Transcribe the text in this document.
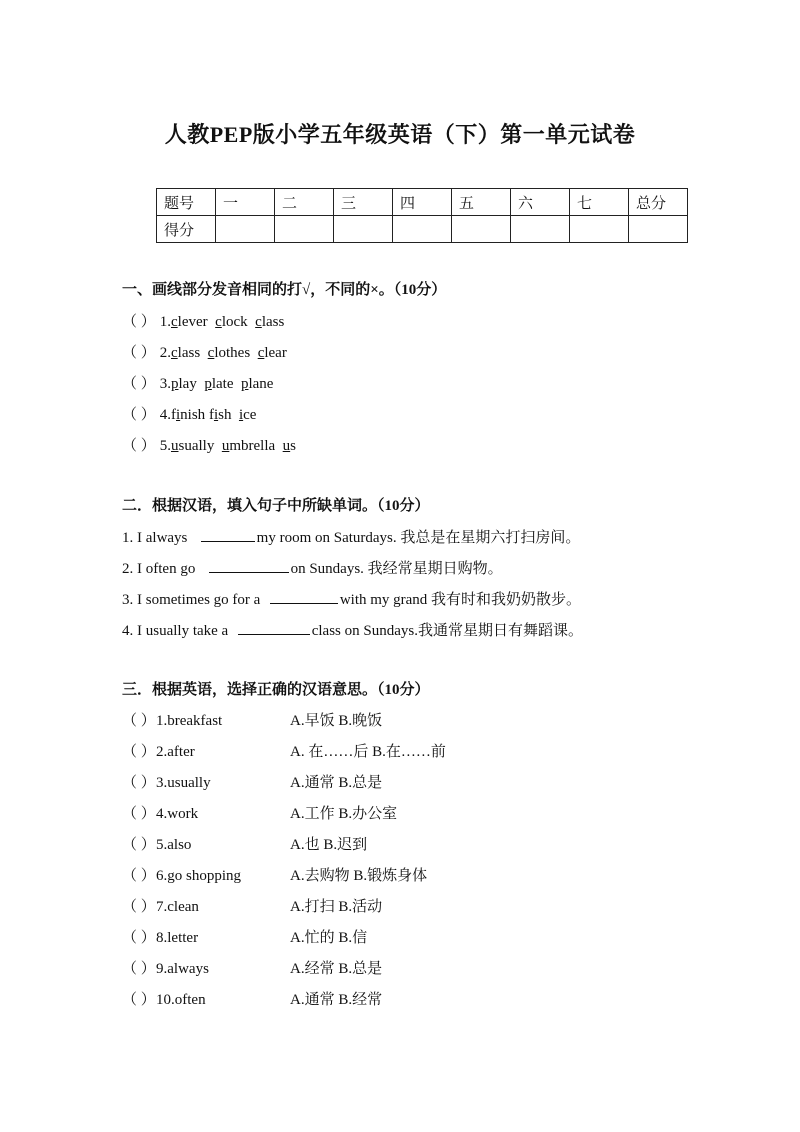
人教PEP版小学五年级英语（下）第一单元试卷
题号	一	二	三	四	五	六	七	总分
得分								
一、画线部分发音相同的打√，不同的×。（10分）
（ ） 1.clever clock class
（ ） 2.class clothes clear
（ ） 3.play plate plane
（ ） 4.finish fish ice
（ ） 5.usually umbrella us
二．根据汉语，填入句子中所缺单词。（10分）
1. I always	my room on Saturdays. 我总是在星期六打扫房间。
2. I often go	on Sundays. 我经常星期日购物。
3. I sometimes go for a	with my grand 我有时和我奶奶散步。
4. I usually take a	class on Sundays.我通常星期日有舞蹈课。
三．根据英语，选择正确的汉语意思。（10分）
（ ）1.breakfast	A.早饭 B.晚饭
（ ）2.after	A. 在……后 B.在……前
（ ）3.usually	A.通常 B.总是
（ ）4.work	A.工作 B.办公室
（ ）5.also	A.也 B.迟到
（ ）6.go shopping	A.去购物 B.锻炼身体
（ ）7.clean	A.打扫 B.活动
（ ）8.letter	A.忙的 B.信
（ ）9.always	A.经常 B.总是
（ ）10.often	A.通常 B.经常
